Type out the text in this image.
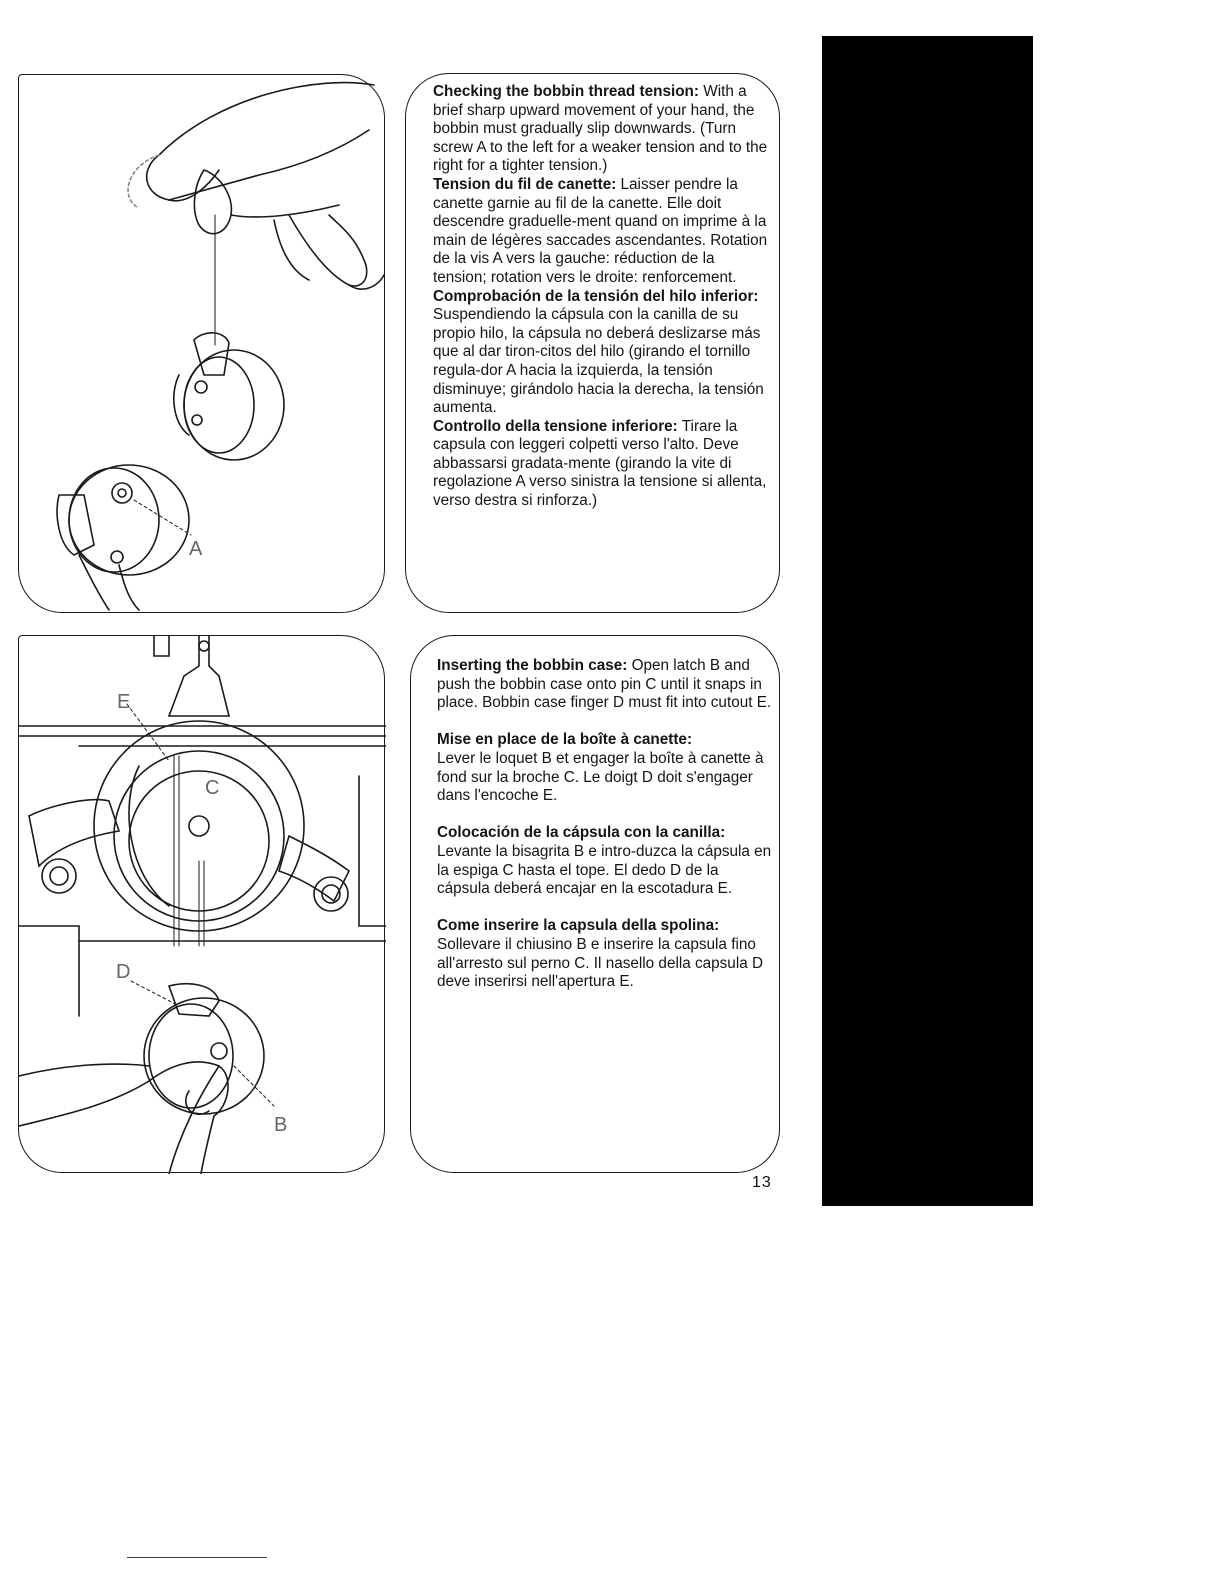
A
E
C
D
B

Checking the bobbin thread tension: With a brief sharp upward movement of your hand, the bobbin must gradually slip downwards. (Turn screw A to the left for a weaker tension and to the right for a tighter tension.)

Tension du fil de canette: Laisser pendre la canette garnie au fil de la canette. Elle doit descendre graduelle-ment quand on imprime à la main de légères saccades ascendantes. Rotation de la vis A vers la gauche: réduction de la tension; rotation vers le droite: renforcement.

Comprobación de la tensión del hilo inferior: Suspendiendo la cápsula con la canilla de su propio hilo, la cápsula no deberá deslizarse más que al dar tiron-citos del hilo (girando el tornillo regula-dor A hacia la izquierda, la tensión disminuye; girándolo hacia la derecha, la tensión aumenta.

Controllo della tensione inferiore: Tirare la capsula con leggeri colpetti verso l'alto. Deve abbassarsi gradata-mente (girando la vite di regolazione A verso sinistra la tensione si allenta, verso destra si rinforza.)

Inserting the bobbin case: Open latch B and push the bobbin case onto pin C until it snaps in place. Bobbin case finger D must fit into cutout E.

Mise en place de la boîte à canette:
Lever le loquet B et engager la boîte à canette à fond sur la broche C. Le doigt D doit s'engager dans l'encoche E.

Colocación de la cápsula con la canilla: Levante la bisagrita B e intro-duzca la cápsula en la espiga C hasta el tope. El dedo D de la cápsula deberá encajar en la escotadura E.

Come inserire la capsula della spolina:
Sollevare il chiusino B e inserire la capsula fino all'arresto sul perno C. Il nasello della capsula D deve inserirsi nell'apertura E.

13
